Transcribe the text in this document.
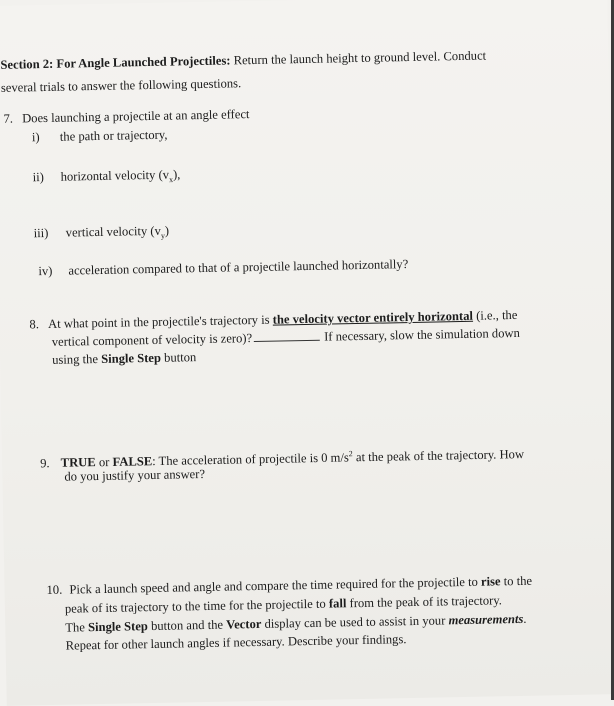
Section 2: For Angle Launched Projectiles: Return the launch height to ground level. Conduct
several trials to answer the following questions.
7. Does launching a projectile at an angle effect
i) the path or trajectory,
ii) horizontal velocity $(v_x)$,
iii) vertical velocity $(v_y)$
iv) acceleration compared to that of a projectile launched horizontally?
8. At what point in the projectile's trajectory is the velocity vector entirely horizontal (i.e., the
vertical component of velocity is zero)?	If necessary, slow the simulation down
using the Single Step button
9. TRUE or FALSE: The acceleration of projectile is 0 $m/s^2$ at the peak of the trajectory. How
do you justify your answer?
10. Pick a launch speed and angle and compare the time required for the projectile to rise to the
peak of its trajectory to the time for the projectile to fall from the peak of its trajectory.
The Single Step button and the Vector display can be used to assist in your measurements.
Repeat for other launch angles if necessary. Describe your findings.
